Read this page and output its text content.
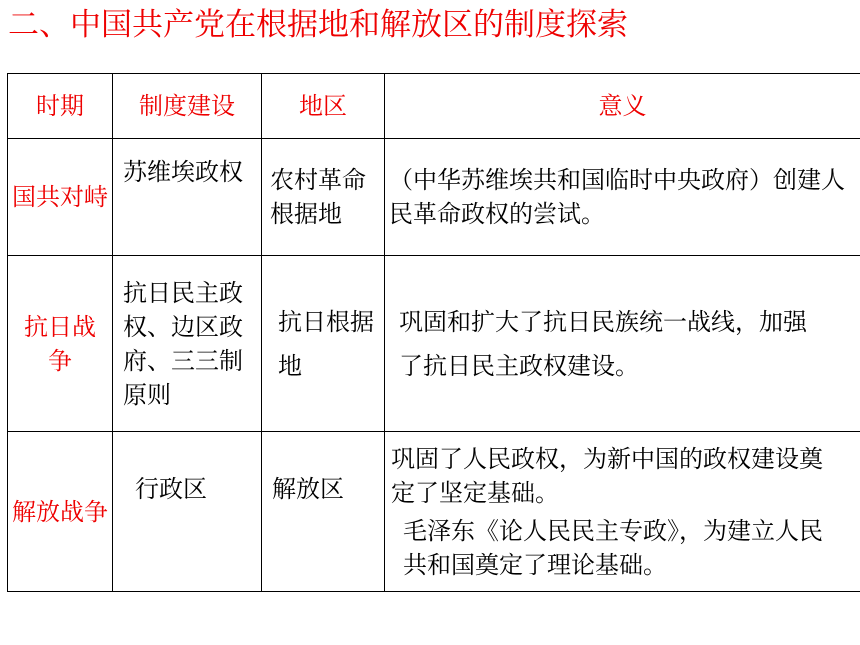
二、中国共产党在根据地和解放区的制度探索
时期	制度建设	地区	意义

国共对峙	苏维埃政权	农村革命根据地	（中华苏维埃共和国临时中央政府）创建人民革命政权的尝试。

抗日战争	抗日民主政权、边区政府、三三制原则	抗日根据地	巩固和扩大了抗日民族统一战线，加强了抗日民主政权建设。

解放战争	行政区	解放区	巩固了人民政权，为新中国的政权建设奠定了坚定基础。
毛泽东《论人民民主专政》，为建立人民共和国奠定了理论基础。
